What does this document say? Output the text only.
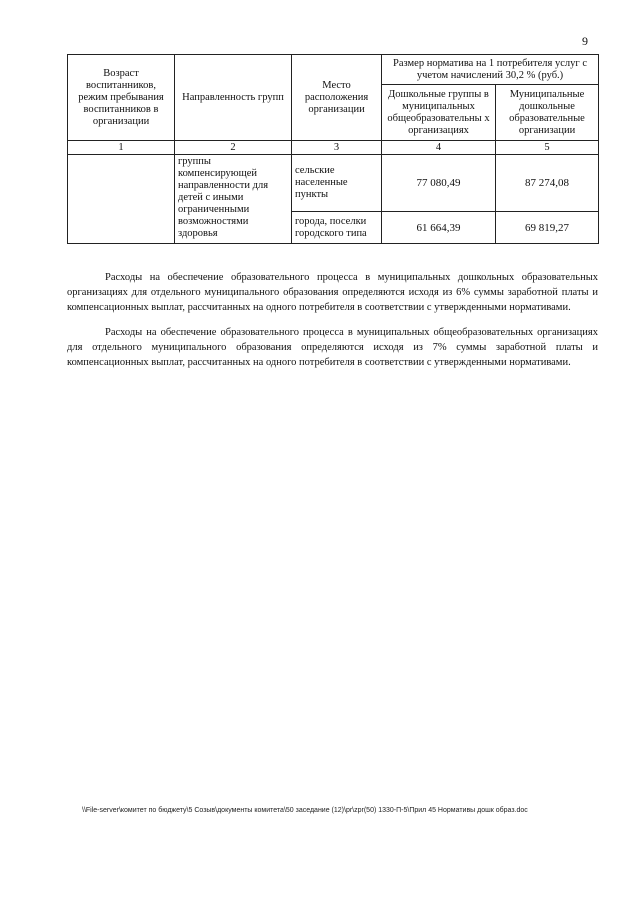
9
Возраст воспитанников, режим пребывания воспитанников в организации	Направленность групп	Место расположения организации	Размер норматива на 1 потребителя услуг с учетом начислений 30,2 % (руб.)	
			Дошкольные группы в муниципальных общеобразовательны х организациях	Муниципальные дошкольные образовательные организации
1	2	3	4	5
	группы компенсирующей направленности для детей с иными ограниченными возможностями здоровья	сельские населенные пункты	77 080,49	87 274,08
		города, поселки городского типа	61 664,39	69 819,27

Расходы на обеспечение образовательного процесса в муниципальных дошкольных образовательных организациях для отдельного муниципального образования определяются исходя из 6% суммы заработной платы и компенсационных выплат, рассчитанных на одного потребителя в соответствии с утвержденными нормативами.

Расходы на обеспечение образовательного процесса в муниципальных общеобразовательных организациях для отдельного муниципального образования определяются исходя из 7% суммы заработной платы и компенсационных выплат, рассчитанных на одного потребителя в соответствии с утвержденными нормативами.

\\File-server\комитет по бюджету\5 Созыв\документы комитета\50 заседание (12)\pr\zpr(50) 1330-П-5\Прил 45 Нормативы дошк образ.doc
